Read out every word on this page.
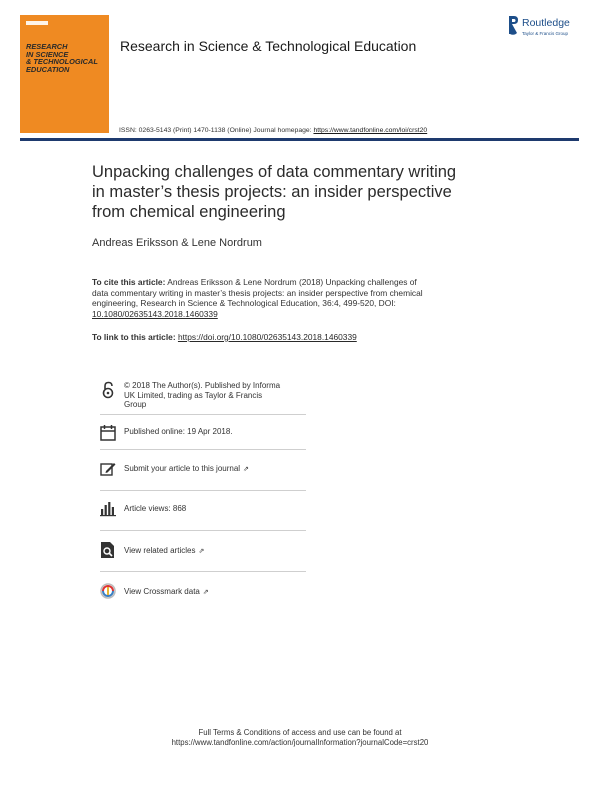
RESEARCH
IN SCIENCE
& TECHNOLOGICAL
EDUCATION
Research in Science & Technological Education
Routledge
Taylor & Francis Group
ISSN: 0263-5143 (Print) 1470-1138 (Online) Journal homepage: https://www.tandfonline.com/loi/crst20
Unpacking challenges of data commentary writing
in master’s thesis projects: an insider perspective
from chemical engineering
Andreas Eriksson & Lene Nordrum
To cite this article: Andreas Eriksson & Lene Nordrum (2018) Unpacking challenges of
data commentary writing in master’s thesis projects: an insider perspective from chemical
engineering, Research in Science & Technological Education, 36:4, 499-520, DOI:
10.1080/02635143.2018.1460339
To link to this article: https://doi.org/10.1080/02635143.2018.1460339
© 2018 The Author(s). Published by Informa
UK Limited, trading as Taylor & Francis
Group
Published online: 19 Apr 2018.
Submit your article to this journal ⇗
Article views: 868
View related articles ⇗
View Crossmark data ⇗
Full Terms & Conditions of access and use can be found at
https://www.tandfonline.com/action/journalInformation?journalCode=crst20
